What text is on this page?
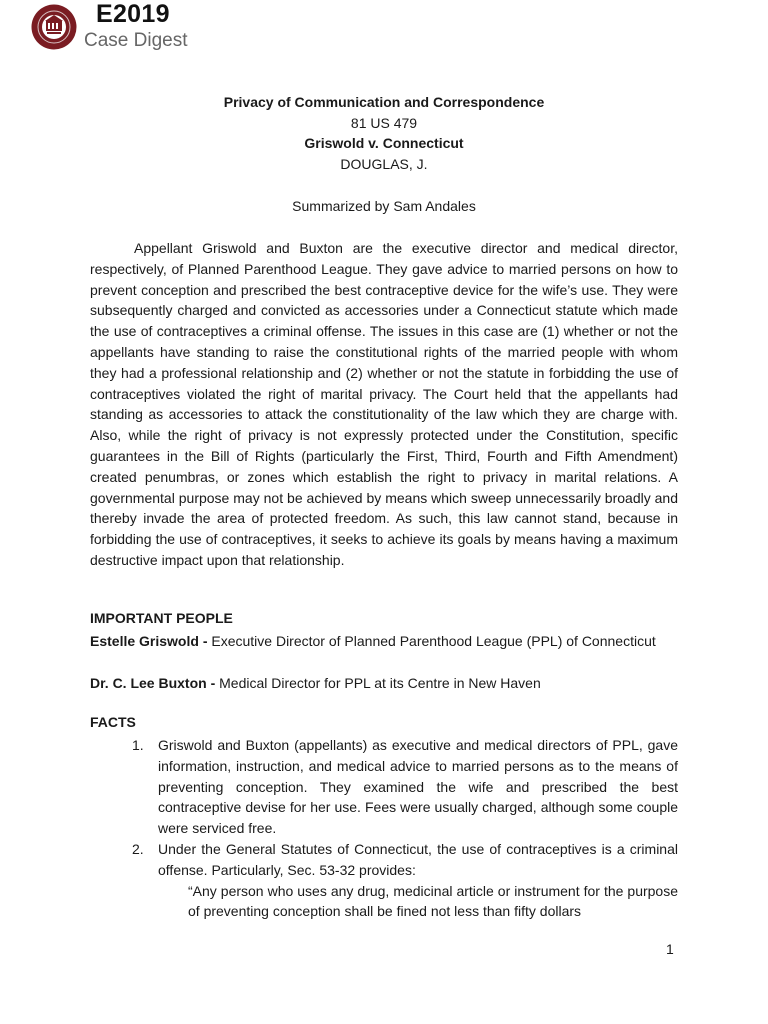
E2019
Case Digest
Privacy of Communication and Correspondence
81 US 479
Griswold v. Connecticut
DOUGLAS, J.
Summarized by Sam Andales
Appellant Griswold and Buxton are the executive director and medical director, respectively, of Planned Parenthood League. They gave advice to married persons on how to prevent conception and prescribed the best contraceptive device for the wife’s use. They were subsequently charged and convicted as accessories under a Connecticut statute which made the use of contraceptives a criminal offense. The issues in this case are (1) whether or not the appellants have standing to raise the constitutional rights of the married people with whom they had a professional relationship and (2) whether or not the statute in forbidding the use of contraceptives violated the right of marital privacy. The Court held that the appellants had standing as accessories to attack the constitutionality of the law which they are charge with. Also, while the right of privacy is not expressly protected under the Constitution, specific guarantees in the Bill of Rights (particularly the First, Third, Fourth and Fifth Amendment) created penumbras, or zones which establish the right to privacy in marital relations. A governmental purpose may not be achieved by means which sweep unnecessarily broadly and thereby invade the area of protected freedom. As such, this law cannot stand, because in forbidding the use of contraceptives, it seeks to achieve its goals by means having a maximum destructive impact upon that relationship.
IMPORTANT PEOPLE
Estelle Griswold - Executive Director of Planned Parenthood League (PPL) of Connecticut
Dr. C. Lee Buxton - Medical Director for PPL at its Centre in New Haven
FACTS
1. Griswold and Buxton (appellants) as executive and medical directors of PPL, gave information, instruction, and medical advice to married persons as to the means of preventing conception. They examined the wife and prescribed the best contraceptive devise for her use. Fees were usually charged, although some couple were serviced free.
2. Under the General Statutes of Connecticut, the use of contraceptives is a criminal offense. Particularly, Sec. 53-32 provides:
“Any person who uses any drug, medicinal article or instrument for the purpose of preventing conception shall be fined not less than fifty dollars
1
